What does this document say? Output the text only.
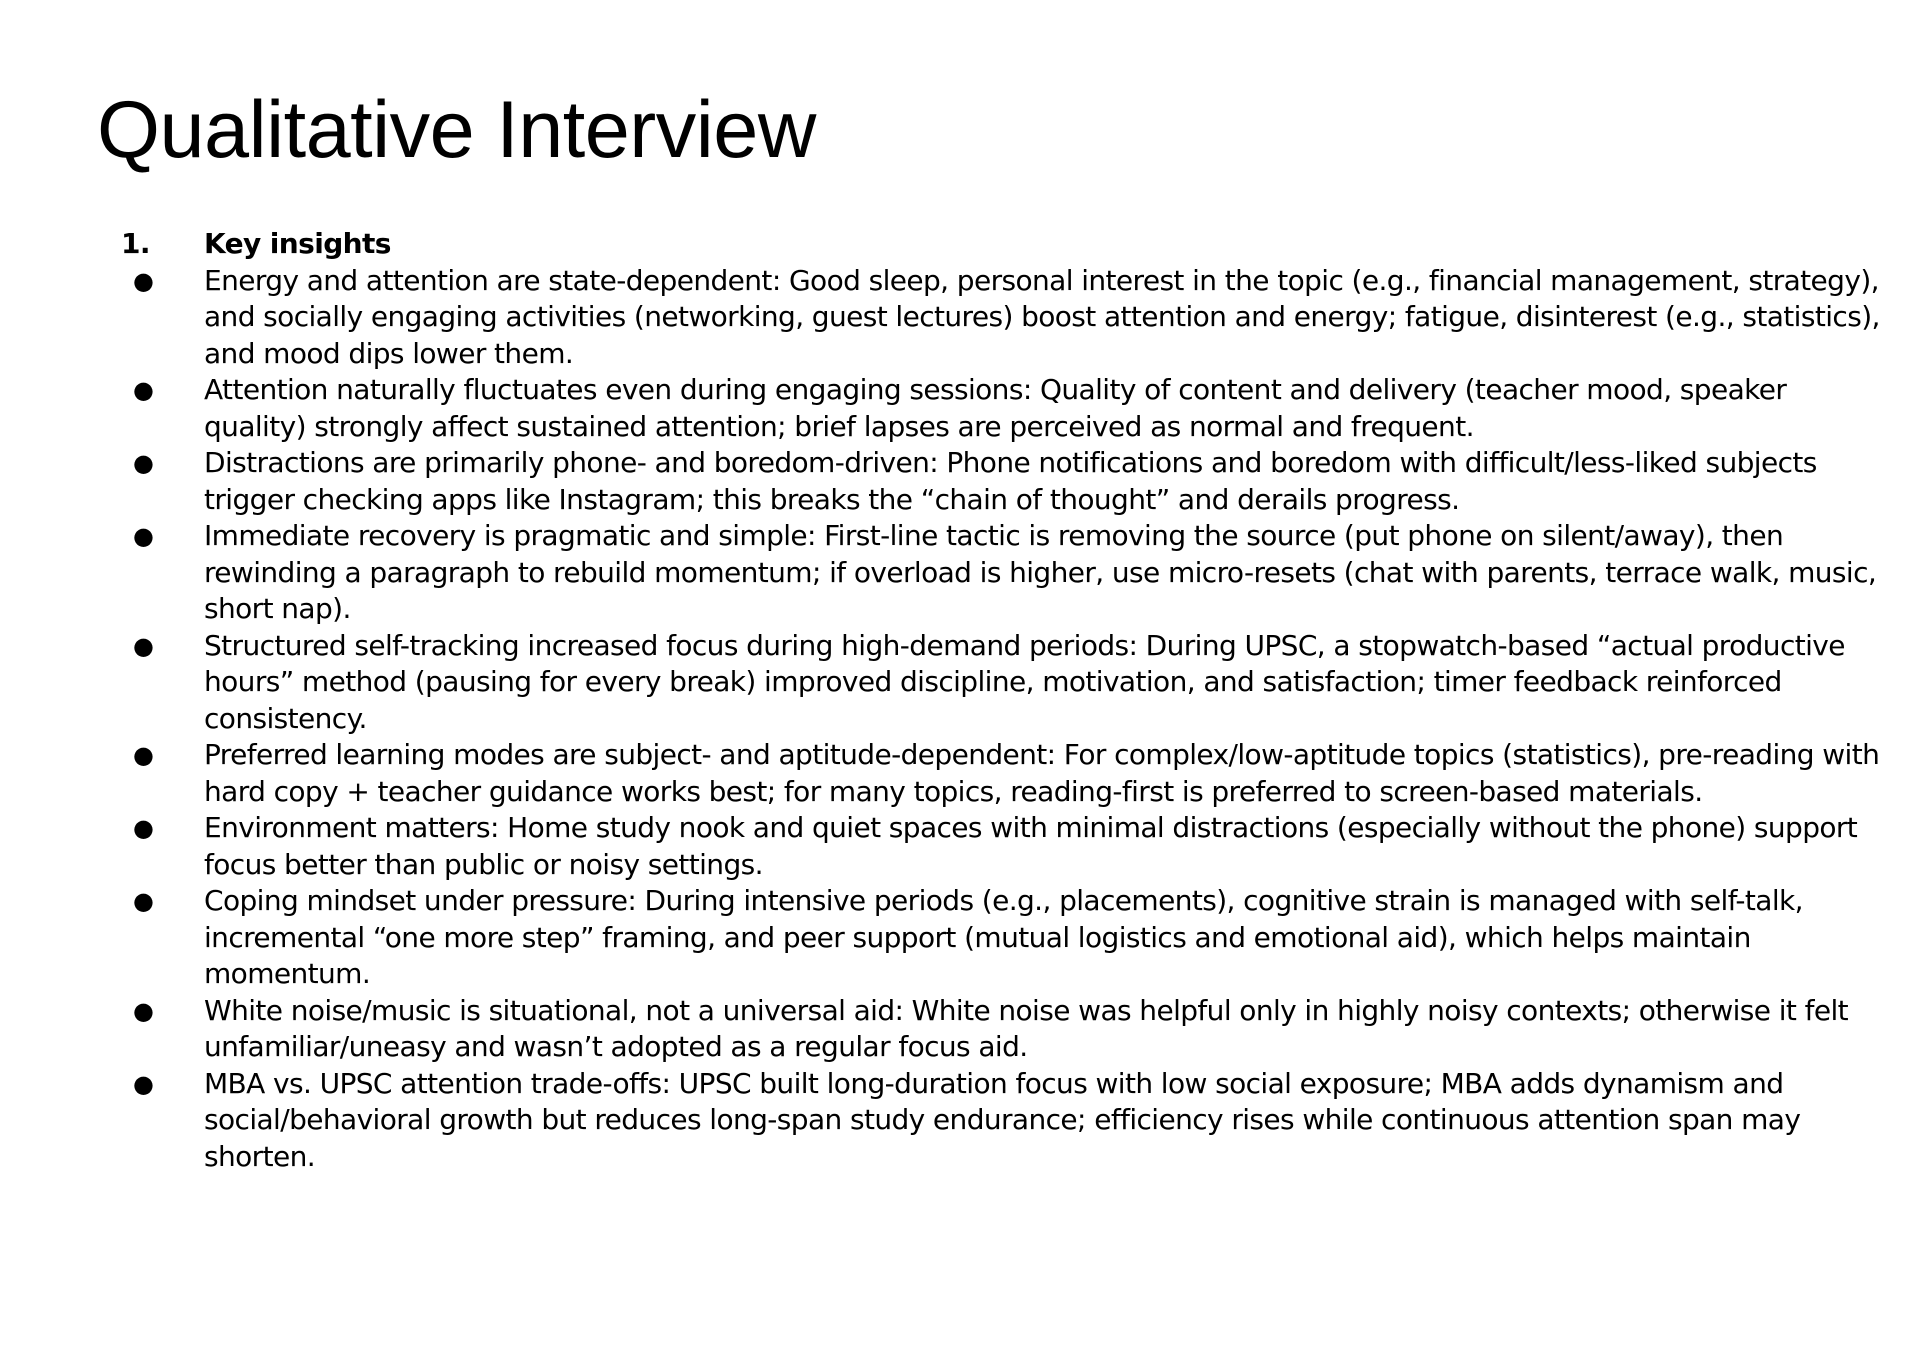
Qualitative Interview
1.	Key insights
●	Energy and attention are state-dependent: Good sleep, personal interest in the topic (e.g., financial management, strategy), and socially engaging activities (networking, guest lectures) boost attention and energy; fatigue, disinterest (e.g., statistics), and mood dips lower them.
●	Attention naturally fluctuates even during engaging sessions: Quality of content and delivery (teacher mood, speaker quality) strongly affect sustained attention; brief lapses are perceived as normal and frequent.
●	Distractions are primarily phone- and boredom-driven: Phone notifications and boredom with difficult/less-liked subjects trigger checking apps like Instagram; this breaks the “chain of thought” and derails progress.
●	Immediate recovery is pragmatic and simple: First-line tactic is removing the source (put phone on silent/away), then rewinding a paragraph to rebuild momentum; if overload is higher, use micro-resets (chat with parents, terrace walk, music, short nap).
●	Structured self-tracking increased focus during high-demand periods: During UPSC, a stopwatch-based “actual productive hours” method (pausing for every break) improved discipline, motivation, and satisfaction; timer feedback reinforced consistency.
●	Preferred learning modes are subject- and aptitude-dependent: For complex/low-aptitude topics (statistics), pre-reading with hard copy + teacher guidance works best; for many topics, reading-first is preferred to screen-based materials.
●	Environment matters: Home study nook and quiet spaces with minimal distractions (especially without the phone) support focus better than public or noisy settings.
●	Coping mindset under pressure: During intensive periods (e.g., placements), cognitive strain is managed with self-talk, incremental “one more step” framing, and peer support (mutual logistics and emotional aid), which helps maintain momentum.
●	White noise/music is situational, not a universal aid: White noise was helpful only in highly noisy contexts; otherwise it felt unfamiliar/uneasy and wasn’t adopted as a regular focus aid.
●	MBA vs. UPSC attention trade-offs: UPSC built long-duration focus with low social exposure; MBA adds dynamism and social/behavioral growth but reduces long-span study endurance; efficiency rises while continuous attention span may shorten.
